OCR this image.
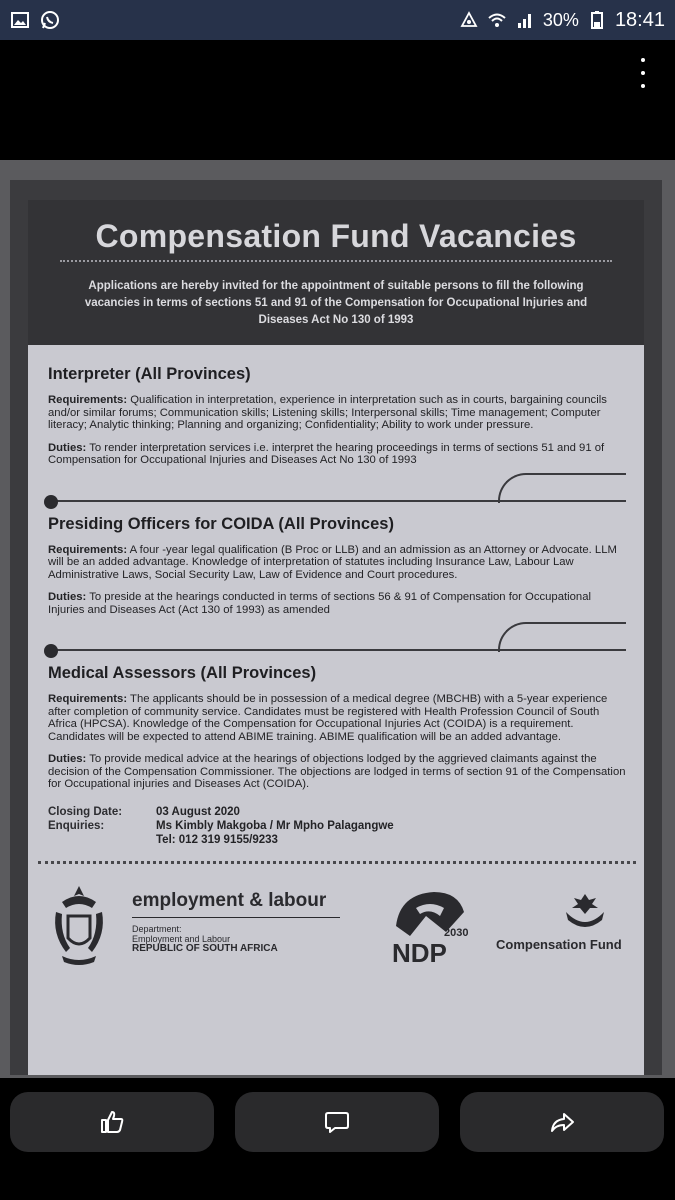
30% 18:41
Compensation Fund Vacancies
Applications are hereby invited for the appointment of suitable persons to fill the following vacancies in terms of sections 51 and 91 of the Compensation for Occupational Injuries and Diseases Act No 130 of 1993
Interpreter (All Provinces)
Requirements: Qualification in interpretation, experience in interpretation such as in courts, bargaining councils and/or similar forums; Communication skills; Listening skills; Interpersonal skills; Time management; Computer literacy; Analytic thinking; Planning and organizing; Confidentiality; Ability to work under pressure.
Duties: To render interpretation services i.e. interpret the hearing proceedings in terms of sections 51 and 91 of Compensation for Occupational Injuries and Diseases Act No 130 of 1993
Presiding Officers for COIDA (All Provinces)
Requirements: A four -year legal qualification (B Proc or LLB) and an admission as an Attorney or Advocate. LLM will be an added advantage. Knowledge of interpretation of statutes including Insurance Law, Labour Law Administrative Laws, Social Security Law, Law of Evidence and Court procedures.
Duties: To preside at the hearings conducted in terms of sections 56 & 91 of Compensation for Occupational Injuries and Diseases Act (Act 130 of 1993) as amended
Medical Assessors (All Provinces)
Requirements: The applicants should be in possession of a medical degree (MBCHB) with a 5-year experience after completion of community service. Candidates must be registered with Health Profession Council of South Africa (HPCSA). Knowledge of the Compensation for Occupational Injuries Act (COIDA) is a requirement. Candidates will be expected to attend ABIME training. ABIME qualification will be an added advantage.
Duties: To provide medical advice at the hearings of objections lodged by the aggrieved claimants against the decision of the Compensation Commissioner. The objections are lodged in terms of section 91 of the Compensation for Occupational injuries and Diseases Act (COIDA).
Closing Date:	03 August 2020
Enquiries:	Ms Kimbly Makgoba / Mr Mpho Palagangwe
Tel: 012 319 9155/9233
employment & labour
Department:
Employment and Labour
REPUBLIC OF SOUTH AFRICA
2030
NDP	Compensation Fund
